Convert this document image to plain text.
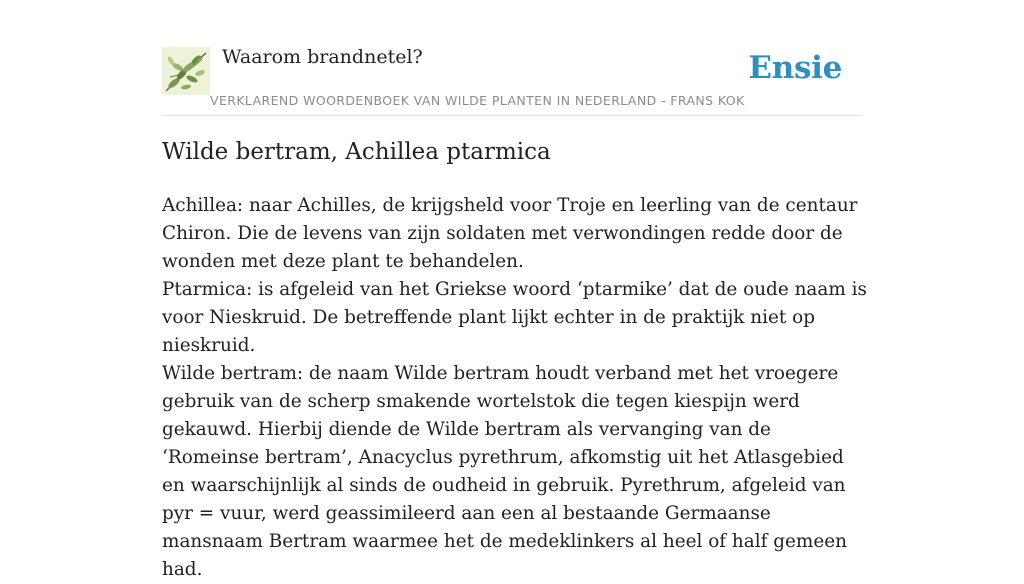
Waarom brandnetel?
VERKLAREND WOORDENBOEK VAN WILDE PLANTEN IN NEDERLAND - FRANS KOK
Ensie
Wilde bertram, Achillea ptarmica

Achillea: naar Achilles, de krijgsheld voor Troje en leerling van de centaur Chiron. Die de levens van zijn soldaten met verwondingen redde door de wonden met deze plant te behandelen.

Ptarmica: is afgeleid van het Griekse woord ‘ptarmike’ dat de oude naam is voor Nieskruid. De betreffende plant lijkt echter in de praktijk niet op nieskruid.

Wilde bertram: de naam Wilde bertram houdt verband met het vroegere gebruik van de scherp smakende wortelstok die tegen kiespijn werd gekauwd. Hierbij diende de Wilde bertram als vervanging van de ‘Romeinse bertram’, Anacyclus pyrethrum, afkomstig uit het Atlasgebied en waarschijnlijk al sinds de oudheid in gebruik. Pyrethrum, afgeleid van pyr = vuur, werd geassimileerd aan een al bestaande Germaanse mansnaam Bertram waarmee het de medeklinkers al heel of half gemeen had.
